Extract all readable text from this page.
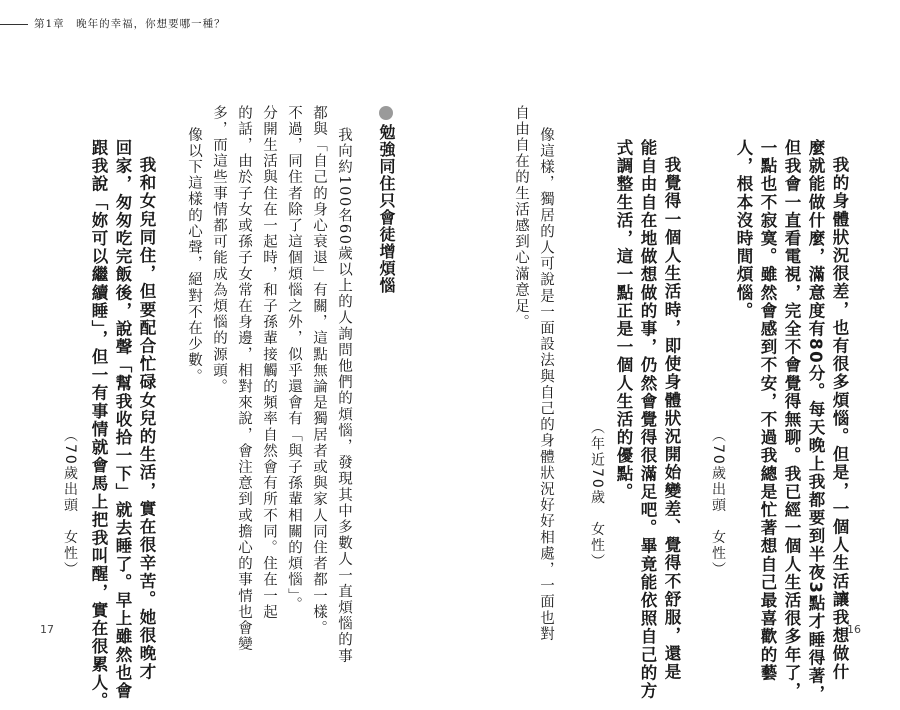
第1章　晚年的幸福，你想要哪一種？
我的身體狀況很差，也有很多煩惱。但是，一個人生活讓我想做什
麼就能做什麼，滿意度有80分。每天晚上我都要到半夜3點才睡得著，
但我會一直看電視，完全不會覺得無聊。我已經一個人生活很多年了，
一點也不寂寞。雖然會感到不安，不過我總是忙著想自己最喜歡的藝
人，根本沒時間煩惱。
（70歲出頭　女性）
我覺得一個人生活時，即使身體狀況開始變差、覺得不舒服，還是
能自由自在地做想做的事，仍然會覺得很滿足吧。畢竟能依照自己的方
式調整生活，這一點正是一個人生活的優點。
（年近70歲　女性）
像這樣，獨居的人可說是一面設法與自己的身體狀況好好相處，一面也對
自由自在的生活感到心滿意足。
16
勉強同住只會徒增煩惱
我向約100名60歲以上的人詢問他們的煩惱，發現其中多數人一直煩惱的事
都與「自己的身心衰退」有關，這點無論是獨居者或與家人同住者都一樣。
不過，同住者除了這個煩惱之外，似乎還會有「與子孫輩相關的煩惱」。
分開生活與住在一起時，和子孫輩接觸的頻率自然會有所不同。住在一起
的話，由於子女或孫子女常在身邊，相對來說，會注意到或擔心的事情也會變
多，而這些事情都可能成為煩惱的源頭。
像以下這樣的心聲，絕對不在少數。
我和女兒同住，但要配合忙碌女兒的生活，實在很辛苦。她很晚才
回家，匆匆吃完飯後，說聲「幫我收拾一下」就去睡了。早上雖然也會
跟我說「妳可以繼續睡」，但一有事情就會馬上把我叫醒，實在很累人。
（70歲出頭　女性）
17
